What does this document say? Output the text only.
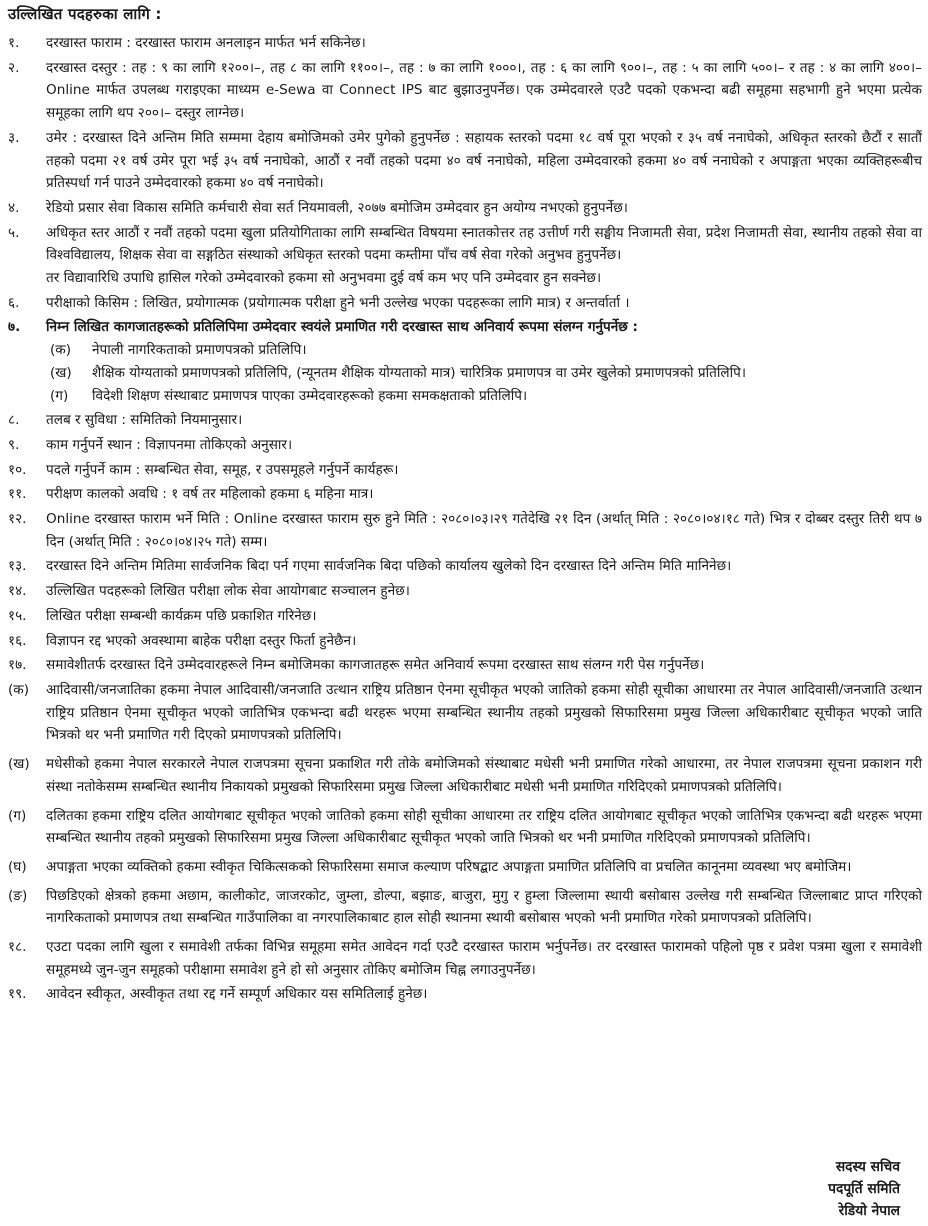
उल्लिखित पदहरुका लागि :
१.	दरखास्त फाराम : दरखास्त फाराम अनलाइन मार्फत भर्न सकिनेछ।
२.	दरखास्त दस्तुर : तह : ९ का लागि १२००।–, तह ८ का लागि ११००।–, तह : ७ का लागि १०००।, तह : ६ का लागि ९००।–, तह : ५ का लागि ५००।– र तह : ४ का लागि ४००।– Online मार्फत उपलब्ध गराइएका माध्यम e-Sewa वा Connect IPS बाट बुझाउनुपर्नेछ। एक उम्मेदवारले एउटै पदको एकभन्दा बढी समूहमा सहभागी हुने भएमा प्रत्येक समूहका लागि थप २००।– दस्तुर लाग्नेछ।
३.	उमेर : दरखास्त दिने अन्तिम मिति सम्ममा देहाय बमोजिमको उमेर पुगेको हुनुपर्नेछ : सहायक स्तरको पदमा १८ वर्ष पूरा भएको र ३५ वर्ष ननाघेको, अधिकृत स्तरको छैटौं र सातौं तहको पदमा २१ वर्ष उमेर पूरा भई ३५ वर्ष ननाघेको, आठौं र नवौं तहको पदमा ४० वर्ष ननाघेको, महिला उम्मेदवारको हकमा ४० वर्ष ननाघेको र अपाङ्गता भएका व्यक्तिहरूबीच प्रतिस्पर्धा गर्न पाउने उम्मेदवारको हकमा ४० वर्ष ननाघेको।
४.	रेडियो प्रसार सेवा विकास समिति कर्मचारी सेवा सर्त नियमावली, २०७७ बमोजिम उम्मेदवार हुन अयोग्य नभएको हुनुपर्नेछ।
५.	अधिकृत स्तर आठौं र नवौं तहको पदमा खुला प्रतियोगिताका लागि सम्बन्धित विषयमा स्नातकोत्तर तह उत्तीर्ण गरी सङ्घीय निजामती सेवा, प्रदेश निजामती सेवा, स्थानीय तहको सेवा वा विश्वविद्यालय, शिक्षक सेवा वा सङ्गठित संस्थाको अधिकृत स्तरको पदमा कम्तीमा पाँच वर्ष सेवा गरेको अनुभव हुनुपर्नेछ।
तर विद्यावारिधि उपाधि हासिल गरेको उम्मेदवारको हकमा सो अनुभवमा दुई वर्ष कम भए पनि उम्मेदवार हुन सक्नेछ।
६.	परीक्षाको किसिम : लिखित, प्रयोगात्मक (प्रयोगात्मक परीक्षा हुने भनी उल्लेख भएका पदहरूका लागि मात्र) र अन्तर्वार्ता ।
७.	निम्न लिखित कागजातहरूको प्रतिलिपिमा उम्मेदवार स्वयंले प्रमाणित गरी दरखास्त साथ अनिवार्य रूपमा संलग्न गर्नुपर्नेछ :
(क)	नेपाली नागरिकताको प्रमाणपत्रको प्रतिलिपि।
(ख)	शैक्षिक योग्यताको प्रमाणपत्रको प्रतिलिपि, (न्यूनतम शैक्षिक योग्यताको मात्र) चारित्रिक प्रमाणपत्र वा उमेर खुलेको प्रमाणपत्रको प्रतिलिपि।
(ग)	विदेशी शिक्षण संस्थाबाट प्रमाणपत्र पाएका उम्मेदवारहरूको हकमा समकक्षताको प्रतिलिपि।
८.	तलब र सुविधा : समितिको नियमानुसार।
९.	काम गर्नुपर्ने स्थान : विज्ञापनमा तोकिएको अनुसार।
१०.	पदले गर्नुपर्ने काम : सम्बन्धित सेवा, समूह, र उपसमूहले गर्नुपर्ने कार्यहरू।
११.	परीक्षण कालको अवधि : १ वर्ष तर महिलाको हकमा ६ महिना मात्र।
१२.	Online दरखास्त फाराम भर्ने मिति : Online दरखास्त फाराम सुरु हुने मिति : २०८०।०३।२९ गतेदेखि २१ दिन (अर्थात् मिति : २०८०।०४।१८ गते) भित्र र दोब्बर दस्तुर तिरी थप ७ दिन (अर्थात् मिति : २०८०।०४।२५ गते) सम्म।
१३.	दरखास्त दिने अन्तिम मितिमा सार्वजनिक बिदा पर्न गएमा सार्वजनिक बिदा पछिको कार्यालय खुलेको दिन दरखास्त दिने अन्तिम मिति मानिनेछ।
१४.	उल्लिखित पदहरूको लिखित परीक्षा लोक सेवा आयोगबाट सञ्चालन हुनेछ।
१५.	लिखित परीक्षा सम्बन्धी कार्यक्रम पछि प्रकाशित गरिनेछ।
१६.	विज्ञापन रद्द भएको अवस्थामा बाहेक परीक्षा दस्तुर फिर्ता हुनेछैन।
१७.	समावेशीतर्फ दरखास्त दिने उम्मेदवारहरूले निम्न बमोजिमका कागजातहरू समेत अनिवार्य रूपमा दरखास्त साथ संलग्न गरी पेस गर्नुपर्नेछ।
(क)	आदिवासी/जनजातिका हकमा नेपाल आदिवासी/जनजाति उत्थान राष्ट्रिय प्रतिष्ठान ऐनमा सूचीकृत भएको जातिको हकमा सोही सूचीका आधारमा तर नेपाल आदिवासी/जनजाति उत्थान राष्ट्रिय प्रतिष्ठान ऐनमा सूचीकृत भएको जातिभित्र एकभन्दा बढी थरहरू भएमा सम्बन्धित स्थानीय तहको प्रमुखको सिफारिसमा प्रमुख जिल्ला अधिकारीबाट सूचीकृत भएको जाति भित्रको थर भनी प्रमाणित गरी दिएको प्रमाणपत्रको प्रतिलिपि।
(ख)	मधेसीको हकमा नेपाल सरकारले नेपाल राजपत्रमा सूचना प्रकाशित गरी तोके बमोजिमको संस्थाबाट मधेसी भनी प्रमाणित गरेको आधारमा, तर नेपाल राजपत्रमा सूचना प्रकाशन गरी संस्था नतोकेसम्म सम्बन्धित स्थानीय निकायको प्रमुखको सिफारिसमा प्रमुख जिल्ला अधिकारीबाट मधेसी भनी प्रमाणित गरिदिएको प्रमाणपत्रको प्रतिलिपि।
(ग)	दलितका हकमा राष्ट्रिय दलित आयोगबाट सूचीकृत भएको जातिको हकमा सोही सूचीका आधारमा तर राष्ट्रिय दलित आयोगबाट सूचीकृत भएको जातिभित्र एकभन्दा बढी थरहरू भएमा सम्बन्धित स्थानीय तहको प्रमुखको सिफारिसमा प्रमुख जिल्ला अधिकारीबाट सूचीकृत भएको जाति भित्रको थर भनी प्रमाणित गरिदिएको प्रमाणपत्रको प्रतिलिपि।
(घ)	अपाङ्गता भएका व्यक्तिको हकमा स्वीकृत चिकित्सकको सिफारिसमा समाज कल्याण परिषद्बाट अपाङ्गता प्रमाणित प्रतिलिपि वा प्रचलित कानूनमा व्यवस्था भए बमोजिम।
(ङ)	पिछडिएको क्षेत्रको हकमा अछाम, कालीकोट, जाजरकोट, जुम्ला, डोल्पा, बझाङ, बाजुरा, मुगु र हुम्ला जिल्लामा स्थायी बसोबास उल्लेख गरी सम्बन्धित जिल्लाबाट प्राप्त गरिएको नागरिकताको प्रमाणपत्र तथा सम्बन्धित गाउँपालिका वा नगरपालिकाबाट हाल सोही स्थानमा स्थायी बसोबास भएको भनी प्रमाणित गरेको प्रमाणपत्रको प्रतिलिपि।
१८.	एउटा पदका लागि खुला र समावेशी तर्फका विभिन्न समूहमा समेत आवेदन गर्दा एउटै दरखास्त फाराम भर्नुपर्नेछ। तर दरखास्त फारामको पहिलो पृष्ठ र प्रवेश पत्रमा खुला र समावेशी समूहमध्ये जुन-जुन समूहको परीक्षामा समावेश हुने हो सो अनुसार तोकिए बमोजिम चिह्न लगाउनुपर्नेछ।
१९.	आवेदन स्वीकृत, अस्वीकृत तथा रद्द गर्ने सम्पूर्ण अधिकार यस समितिलाई हुनेछ।
सदस्य सचिव
पदपूर्ति समिति
रेडियो नेपाल
